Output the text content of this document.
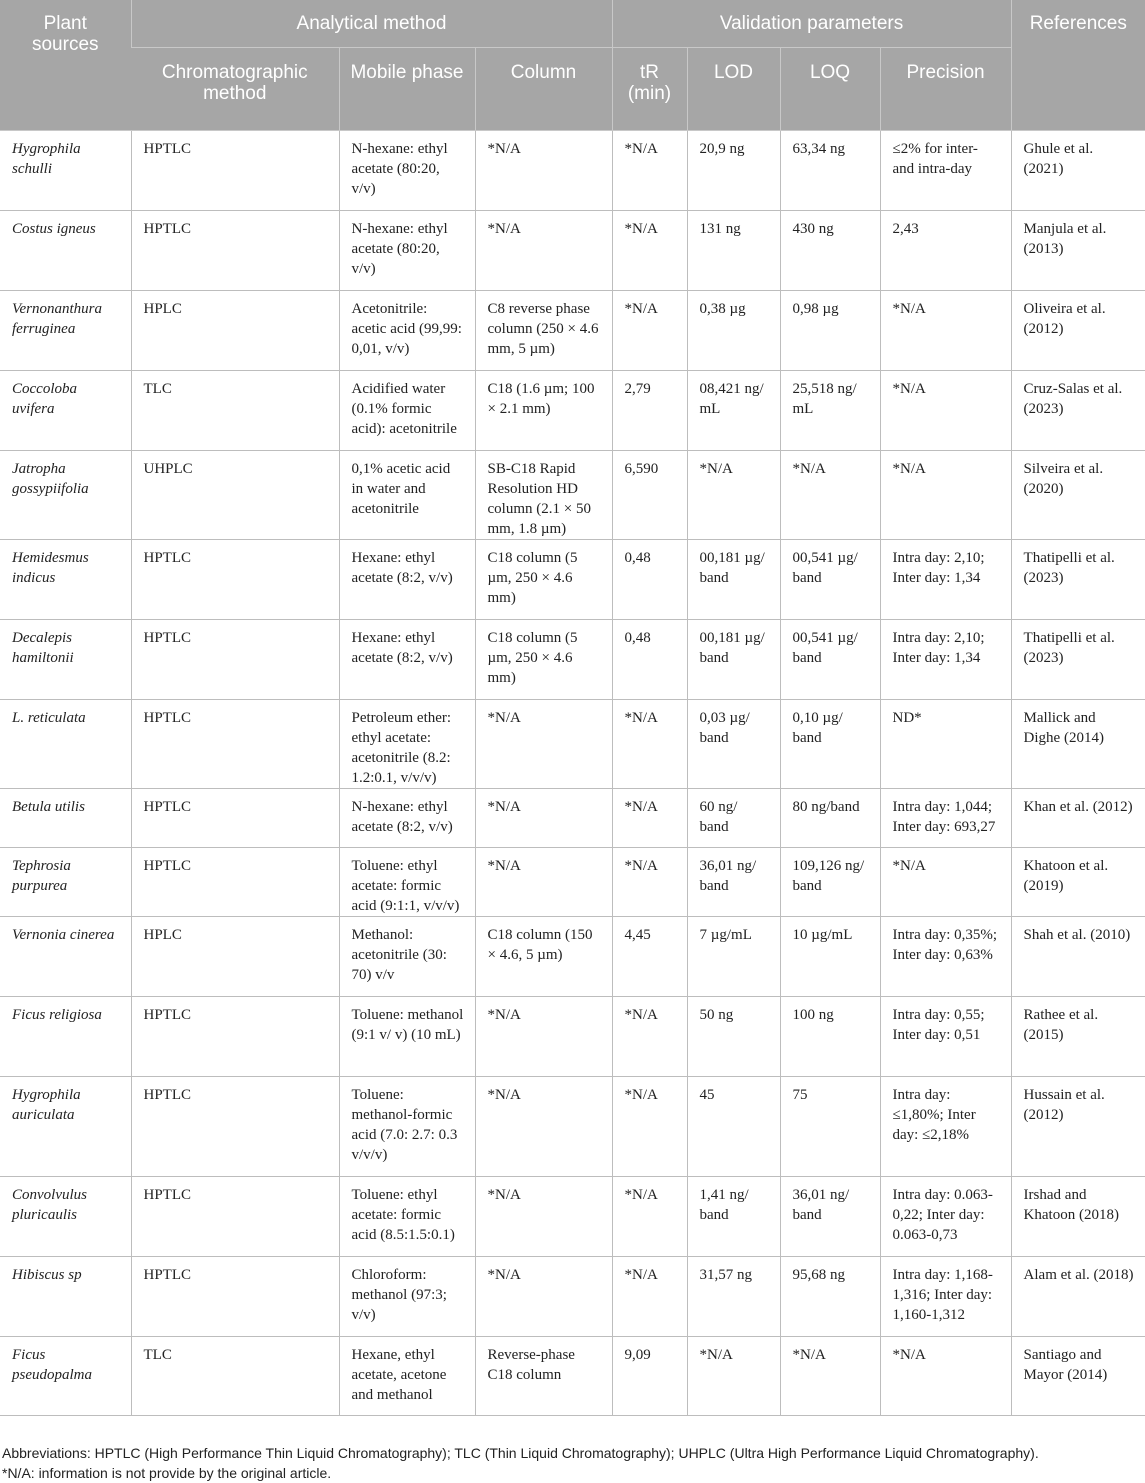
Plant sources	Analytical method			Validation parameters				References
	Chromatographic method	Mobile phase	Column	tR (min)	LOD	LOQ	Precision	
Hygrophila schulli	HPTLC	N-hexane: ethyl acetate (80:20, v/v)	*N/A	*N/A	20,9 ng	63,34 ng	≤2% for inter- and intra-day	Ghule et al. (2021)
Costus igneus	HPTLC	N-hexane: ethyl acetate (80:20, v/v)	*N/A	*N/A	131 ng	430 ng	2,43	Manjula et al. (2013)
Vernonanthura ferruginea	HPLC	Acetonitrile: acetic acid (99,99: 0,01, v/v)	C8 reverse phase column (250 × 4.6 mm, 5 µm)	*N/A	0,38 µg	0,98 µg	*N/A	Oliveira et al. (2012)
Coccoloba uvifera	TLC	Acidified water (0.1% formic acid): acetonitrile	C18 (1.6 µm; 100 × 2.1 mm)	2,79	08,421 ng/ mL	25,518 ng/ mL	*N/A	Cruz-Salas et al. (2023)
Jatropha gossypiifolia	UHPLC	0,1% acetic acid in water and acetonitrile	SB-C18 Rapid Resolution HD column (2.1 × 50 mm, 1.8 µm)	6,590	*N/A	*N/A	*N/A	Silveira et al. (2020)
Hemidesmus indicus	HPTLC	Hexane: ethyl acetate (8:2, v/v)	C18 column (5 µm, 250 × 4.6 mm)	0,48	00,181 µg/ band	00,541 µg/ band	Intra day: 2,10; Inter day: 1,34	Thatipelli et al. (2023)
Decalepis hamiltonii	HPTLC	Hexane: ethyl acetate (8:2, v/v)	C18 column (5 µm, 250 × 4.6 mm)	0,48	00,181 µg/ band	00,541 µg/ band	Intra day: 2,10; Inter day: 1,34	Thatipelli et al. (2023)
L. reticulata	HPTLC	Petroleum ether: ethyl acetate: acetonitrile (8.2: 1.2:0.1, v/v/v)	*N/A	*N/A	0,03 µg/ band	0,10 µg/ band	ND*	Mallick and Dighe (2014)
Betula utilis	HPTLC	N-hexane: ethyl acetate (8:2, v/v)	*N/A	*N/A	60 ng/ band	80 ng/band	Intra day: 1,044; Inter day: 693,27	Khan et al. (2012)
Tephrosia purpurea	HPTLC	Toluene: ethyl acetate: formic acid (9:1:1, v/v/v)	*N/A	*N/A	36,01 ng/ band	109,126 ng/ band	*N/A	Khatoon et al. (2019)
Vernonia cinerea	HPLC	Methanol: acetonitrile (30: 70) v/v	C18 column (150 × 4.6, 5 µm)	4,45	7 µg/mL	10 µg/mL	Intra day: 0,35%; Inter day: 0,63%	Shah et al. (2010)
Ficus religiosa	HPTLC	Toluene: methanol (9:1 v/ v) (10 mL)	*N/A	*N/A	50 ng	100 ng	Intra day: 0,55; Inter day: 0,51	Rathee et al. (2015)
Hygrophila auriculata	HPTLC	Toluene: methanol-formic acid (7.0: 2.7: 0.3 v/v/v)	*N/A	*N/A	45	75	Intra day: ≤1,80%; Inter day: ≤2,18%	Hussain et al. (2012)
Convolvulus pluricaulis	HPTLC	Toluene: ethyl acetate: formic acid (8.5:1.5:0.1)	*N/A	*N/A	1,41 ng/ band	36,01 ng/ band	Intra day: 0.063- 0,22; Inter day: 0.063-0,73	Irshad and Khatoon (2018)
Hibiscus sp	HPTLC	Chloroform: methanol (97:3; v/v)	*N/A	*N/A	31,57 ng	95,68 ng	Intra day: 1,168- 1,316; Inter day: 1,160-1,312	Alam et al. (2018)
Ficus pseudopalma	TLC	Hexane, ethyl acetate, acetone and methanol	Reverse-phase C18 column	9,09	*N/A	*N/A	*N/A	Santiago and Mayor (2014)
Abbreviations: HPTLC (High Performance Thin Liquid Chromatography); TLC (Thin Liquid Chromatography); UHPLC (Ultra High Performance Liquid Chromatography).
*N/A: information is not provide by the original article.
